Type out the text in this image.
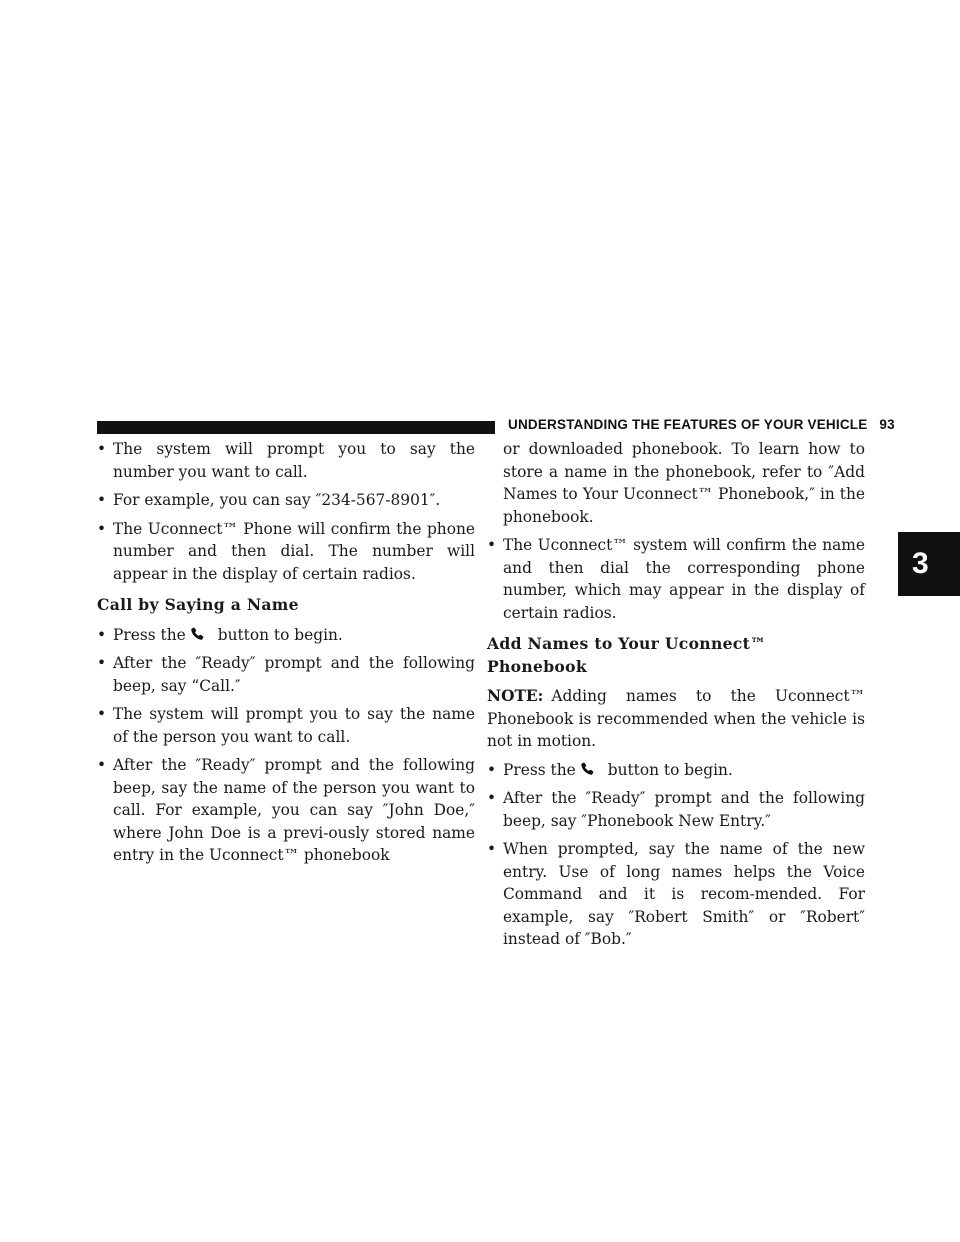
UNDERSTANDING THE FEATURES OF YOUR VEHICLE 93
3

• The system will prompt you to say the number you want to call.

• For example, you can say ″234-567-8901″.

• The Uconnect™ Phone will confirm the phone number and then dial. The number will appear in the display of certain radios.

Call by Saying a Name

• Press the button to begin.

• After the ″Ready″ prompt and the following beep, say “Call.″

• The system will prompt you to say the name of the person you want to call.

• After the ″Ready″ prompt and the following beep, say the name of the person you want to call. For example, you can say ″John Doe,″ where John Doe is a previ-ously stored name entry in the Uconnect™ phonebook

or downloaded phonebook. To learn how to store a name in the phonebook, refer to ″Add Names to Your Uconnect™ Phonebook,″ in the phonebook.

• The Uconnect™ system will confirm the name and then dial the corresponding phone number, which may appear in the display of certain radios.

Add Names to Your Uconnect™ Phonebook

NOTE: Adding names to the Uconnect™ Phonebook is recommended when the vehicle is not in motion.

• Press the button to begin.

• After the ″Ready″ prompt and the following beep, say ″Phonebook New Entry.″

• When prompted, say the name of the new entry. Use of long names helps the Voice Command and it is recom-mended. For example, say ″Robert Smith″ or ″Robert″ instead of ″Bob.″
